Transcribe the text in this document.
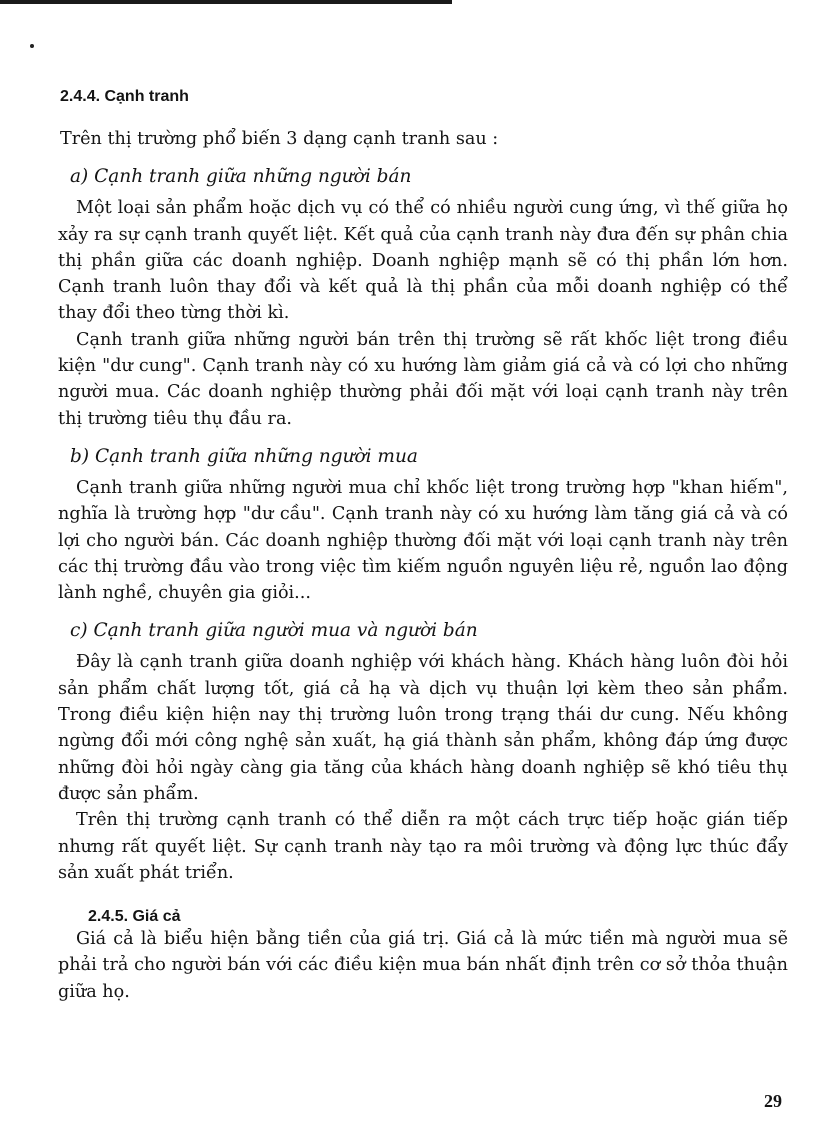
2.4.4. Cạnh tranh

Trên thị trường phổ biến 3 dạng cạnh tranh sau :

a) Cạnh tranh giữa những người bán

Một loại sản phẩm hoặc dịch vụ có thể có nhiều người cung ứng, vì thế giữa họ xảy ra sự cạnh tranh quyết liệt. Kết quả của cạnh tranh này đưa đến sự phân chia thị phần giữa các doanh nghiệp. Doanh nghiệp mạnh sẽ có thị phần lớn hơn. Cạnh tranh luôn thay đổi và kết quả là thị phần của mỗi doanh nghiệp có thể thay đổi theo từng thời kì.

Cạnh tranh giữa những người bán trên thị trường sẽ rất khốc liệt trong điều kiện "dư cung". Cạnh tranh này có xu hướng làm giảm giá cả và có lợi cho những người mua. Các doanh nghiệp thường phải đối mặt với loại cạnh tranh này trên thị trường tiêu thụ đầu ra.

b) Cạnh tranh giữa những người mua

Cạnh tranh giữa những người mua chỉ khốc liệt trong trường hợp "khan hiếm", nghĩa là trường hợp "dư cầu". Cạnh tranh này có xu hướng làm tăng giá cả và có lợi cho người bán. Các doanh nghiệp thường đối mặt với loại cạnh tranh này trên các thị trường đầu vào trong việc tìm kiếm nguồn nguyên liệu rẻ, nguồn lao động lành nghề, chuyên gia giỏi...

c) Cạnh tranh giữa người mua và người bán

Đây là cạnh tranh giữa doanh nghiệp với khách hàng. Khách hàng luôn đòi hỏi sản phẩm chất lượng tốt, giá cả hạ và dịch vụ thuận lợi kèm theo sản phẩm. Trong điều kiện hiện nay thị trường luôn trong trạng thái dư cung. Nếu không ngừng đổi mới công nghệ sản xuất, hạ giá thành sản phẩm, không đáp ứng được những đòi hỏi ngày càng gia tăng của khách hàng doanh nghiệp sẽ khó tiêu thụ được sản phẩm.

Trên thị trường cạnh tranh có thể diễn ra một cách trực tiếp hoặc gián tiếp nhưng rất quyết liệt. Sự cạnh tranh này tạo ra môi trường và động lực thúc đẩy sản xuất phát triển.

2.4.5. Giá cả

Giá cả là biểu hiện bằng tiền của giá trị. Giá cả là mức tiền mà người mua sẽ phải trả cho người bán với các điều kiện mua bán nhất định trên cơ sở thỏa thuận giữa họ.

29
